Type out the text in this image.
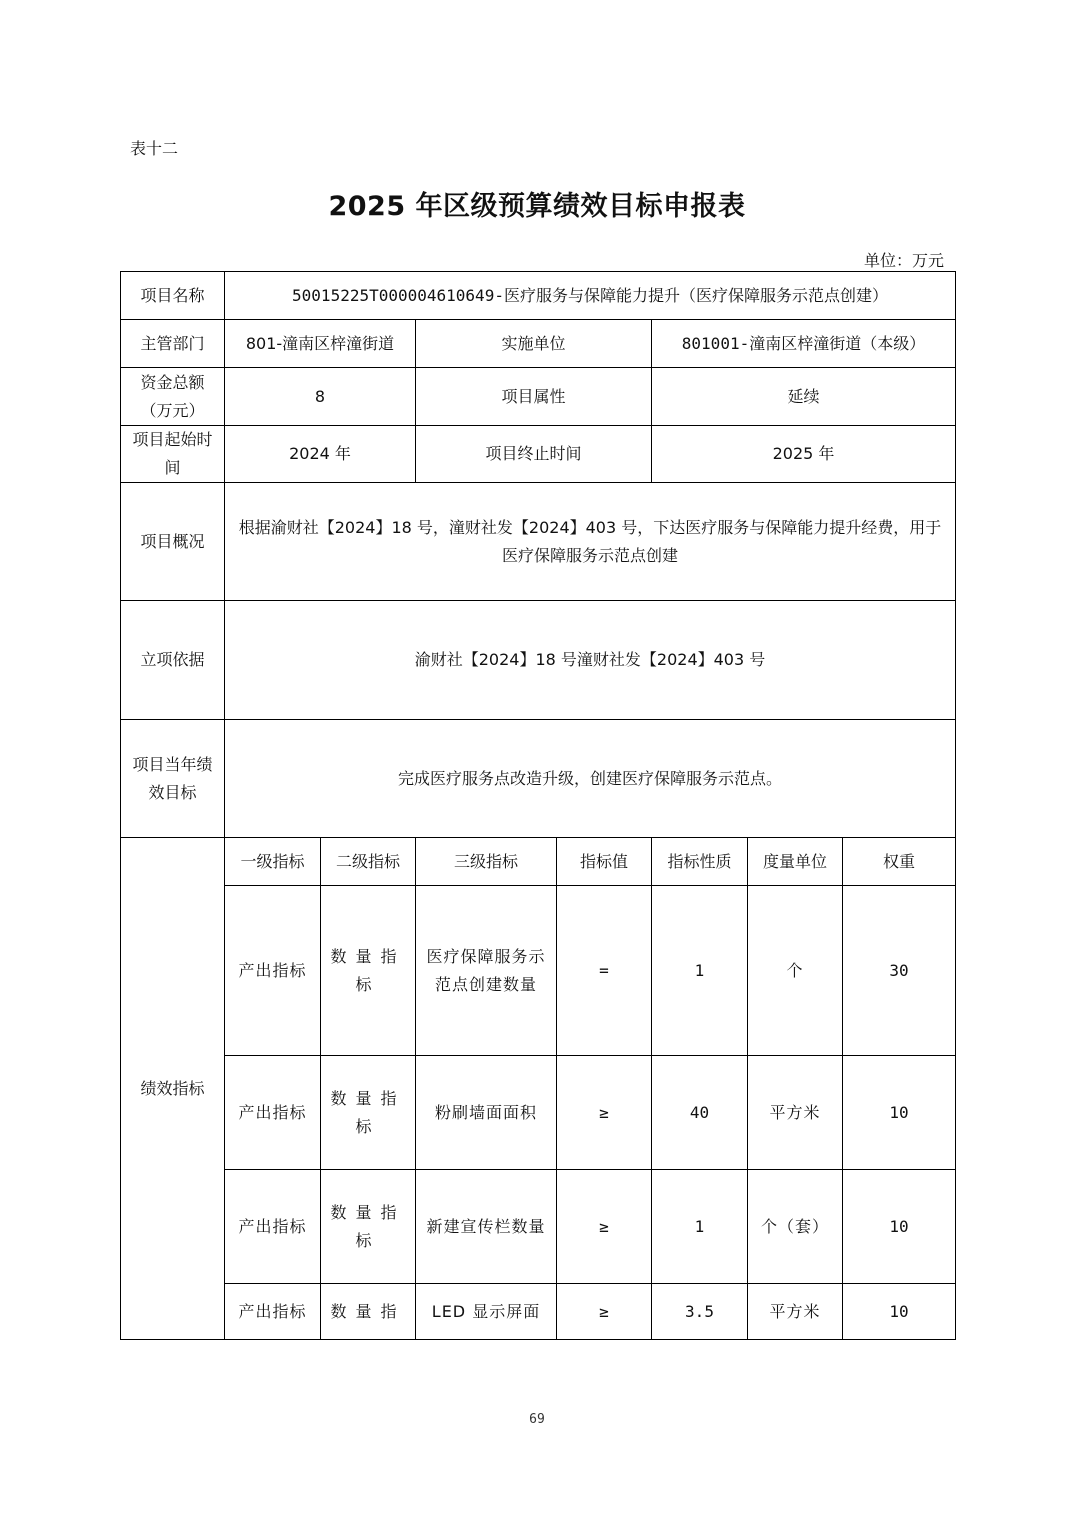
表十二
2025 年区级预算绩效目标申报表
单位：万元
项目名称	50015225T000004610649-医疗服务与保障能力提升（医疗保障服务示范点创建）						
主管部门	801-潼南区梓潼街道		实施单位		801001-潼南区梓潼街道（本级）		
资金总额（万元）	8		项目属性		延续		
项目起始时间	2024 年		项目终止时间		2025 年		
项目概况	根据渝财社【2024】18 号，潼财社发【2024】403 号，下达医疗服务与保障能力提升经费，用于医疗保障服务示范点创建						
立项依据	渝财社【2024】18 号潼财社发【2024】403 号						
项目当年绩效目标	完成医疗服务点改造升级，创建医疗保障服务示范点。						
绩效指标	一级指标	二级指标	三级指标	指标值	指标性质	度量单位	权重
	产出指标	数量指标	医疗保障服务示范点创建数量	=	1	个	30
	产出指标	数量指标	粉刷墙面面积	≥	40	平方米	10
	产出指标	数量指标	新建宣传栏数量	≥	1	个（套）	10
	产出指标	数量指	LED 显示屏面	≥	3.5	平方米	10
69
